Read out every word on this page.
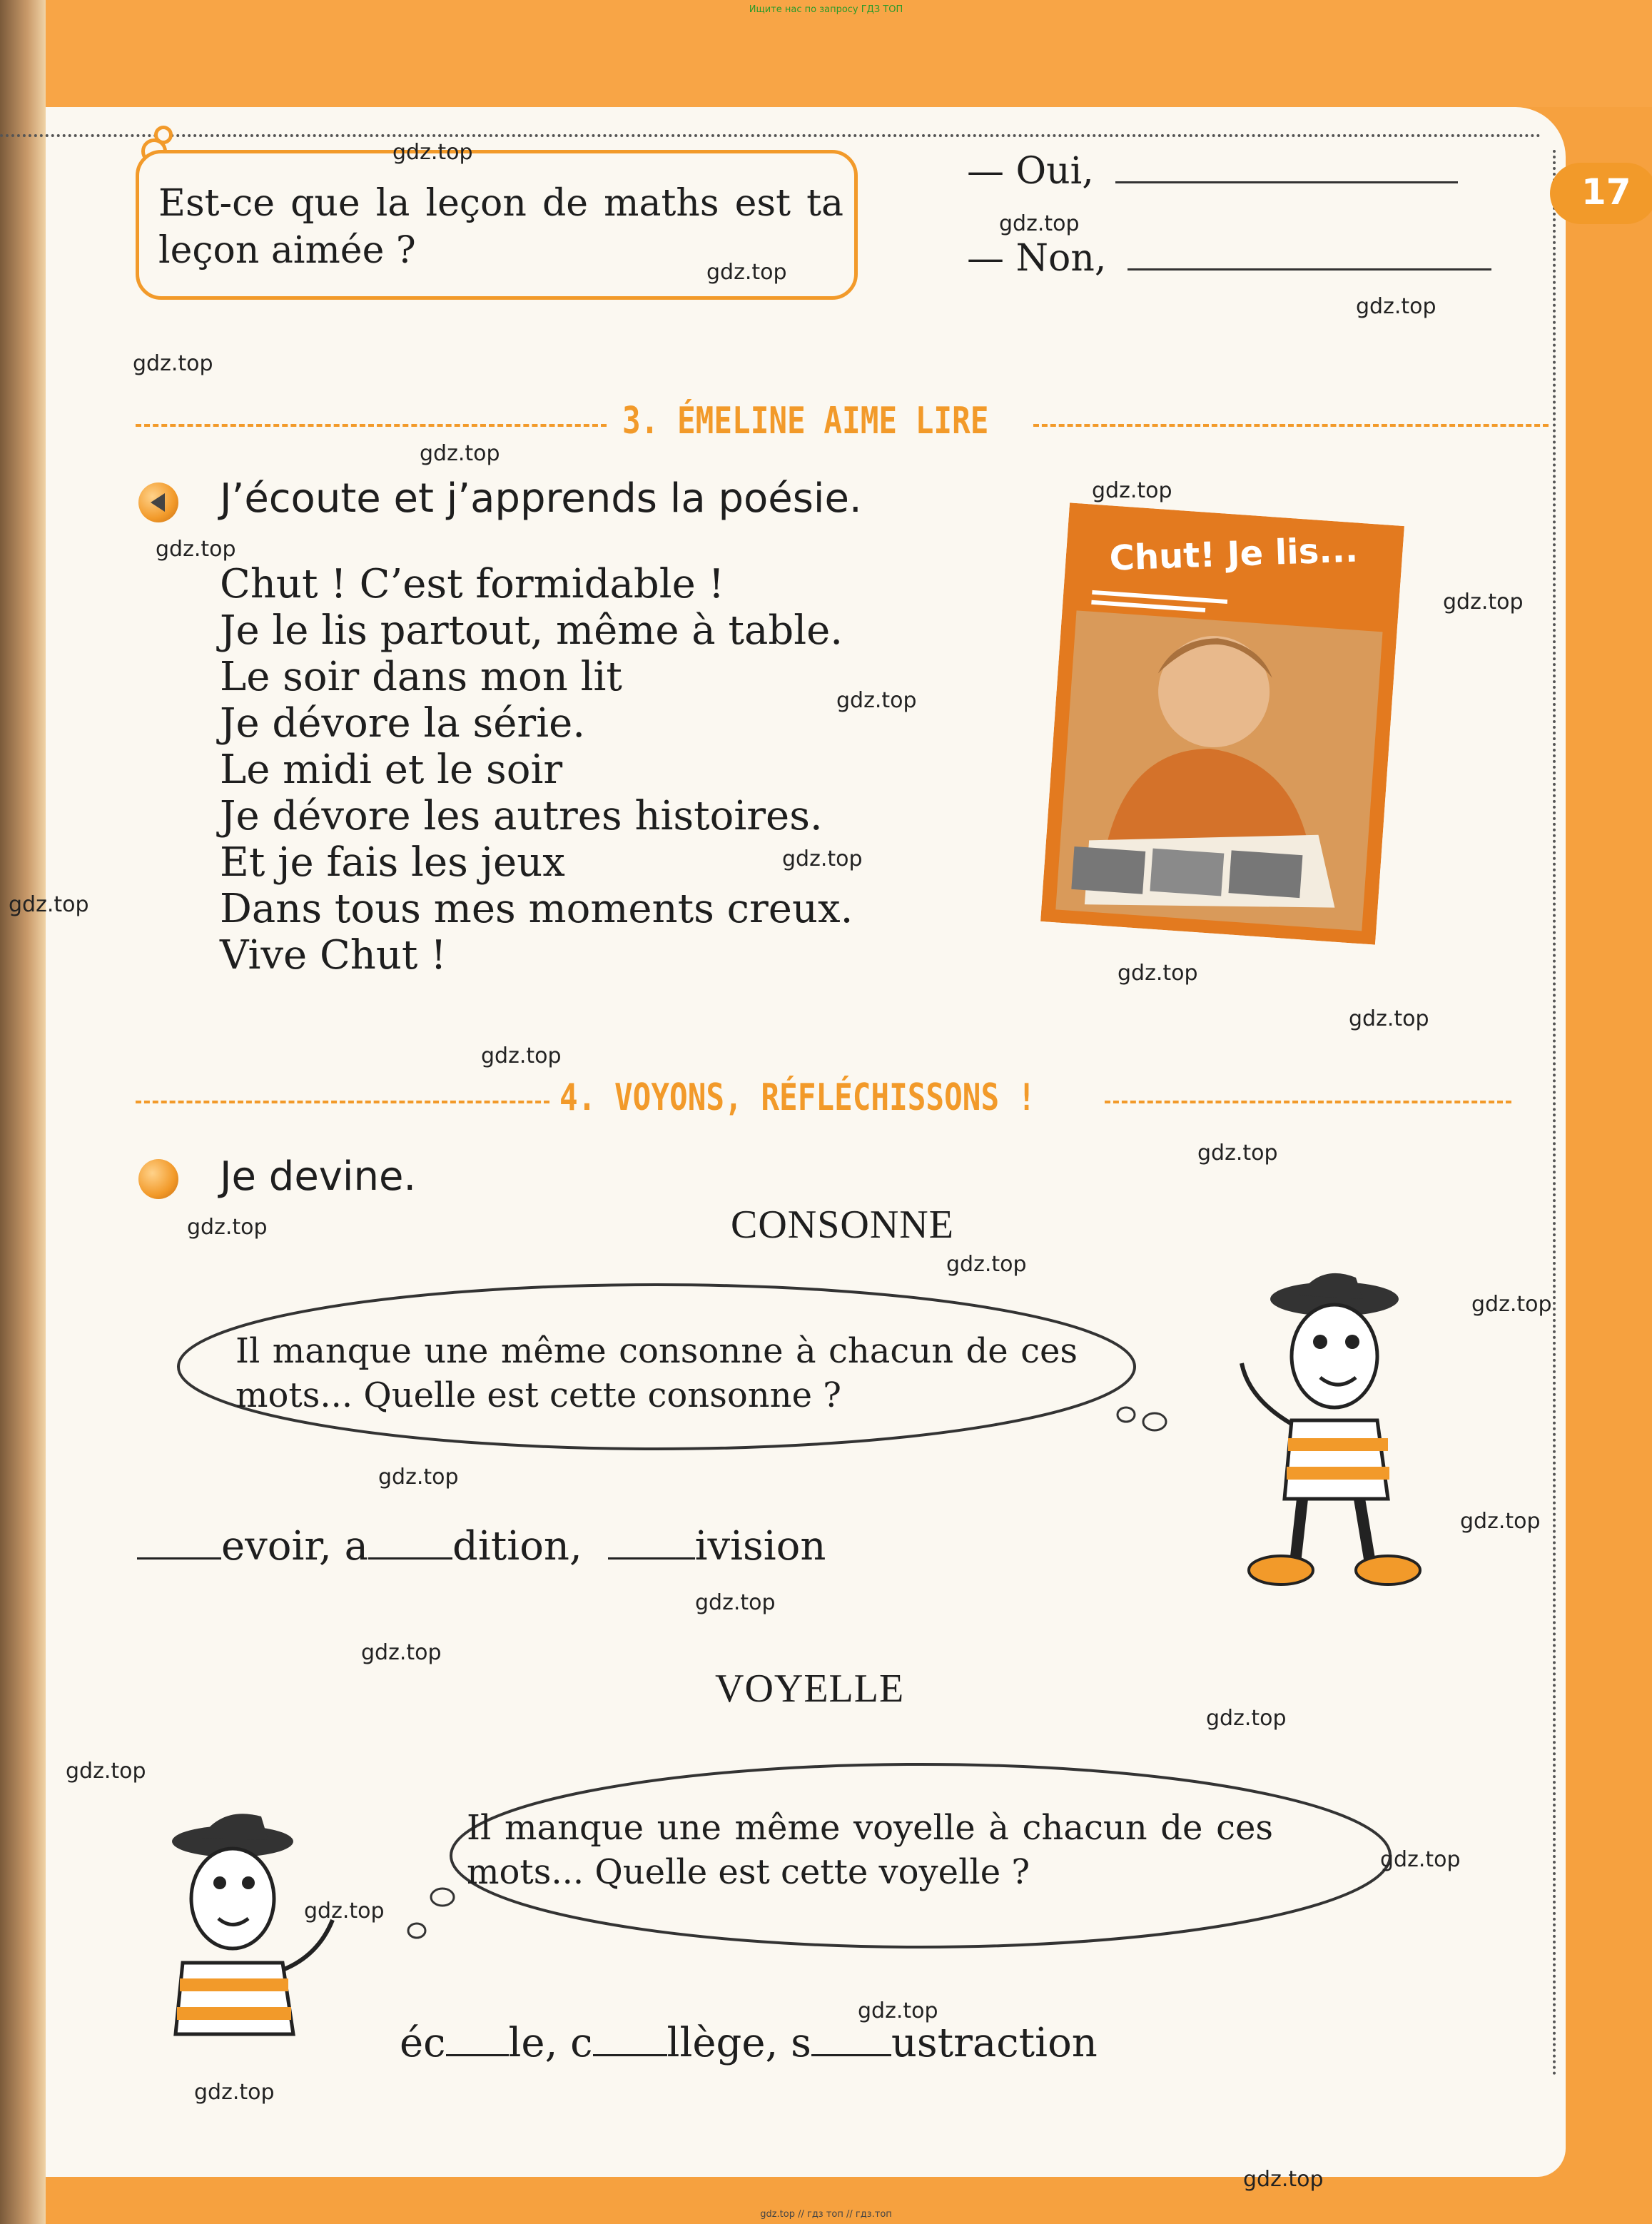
Ищите нас по запросу ГДЗ ТОП
gdz.top // гдз топ // гдз.топ
17
Est-ce que la leçon de maths est ta leçon aimée ?
— Oui,
— Non,
3. ÉMELINE AIME LIRE
J’écoute et j’apprends la poésie.
Chut ! C’est formidable !
Je le lis partout, même à table.
Le soir dans mon lit
Je dévore la série.
Le midi et le soir
Je dévore les autres histoires.
Et je fais les jeux
Dans tous mes moments creux.
Vive Chut !
Chut! Je lis...
4. VOYONS, RÉFLÉCHISSONS !
Je devine.
CONSONNE
Il manque une même consonne à chacun de ces mots... Quelle est cette consonne ?
evoir, a dition,	ivision
VOYELLE
Il manque une même voyelle à chacun de ces mots... Quelle est cette voyelle ?
éc le, c llège, s ustraction
gdz.top
gdz.top
gdz.top
gdz.top
gdz.top
gdz.top
gdz.top
gdz.top
gdz.top
gdz.top
gdz.top
gdz.top
gdz.top
gdz.top
gdz.top
gdz.top
gdz.top
gdz.top
gdz.top
gdz.top
gdz.top
gdz.top
gdz.top
gdz.top
gdz.top
gdz.top
gdz.top
gdz.top
gdz.top
gdz.top
